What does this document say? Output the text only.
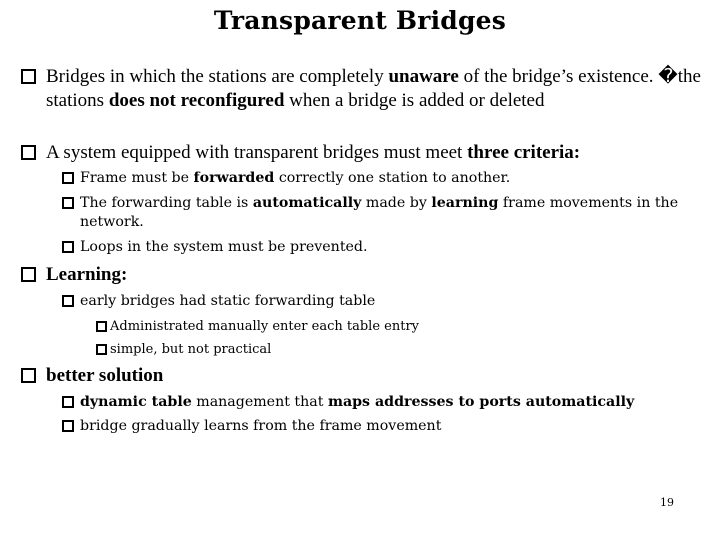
Transparent Bridges
Bridges in which the stations are completely unaware of the bridge’s existence. �the stations does not reconfigured when a bridge is added or deleted
A system equipped with transparent bridges must meet three criteria:
Frame must be forwarded correctly one station to another.
The forwarding table is automatically made by learning frame movements in the network.
Loops in the system must be prevented.
Learning:
early bridges had static forwarding table
Administrated manually enter each table entry
simple, but not practical
better solution
dynamic table management that maps addresses to ports automatically
bridge gradually learns from the frame movement
19
